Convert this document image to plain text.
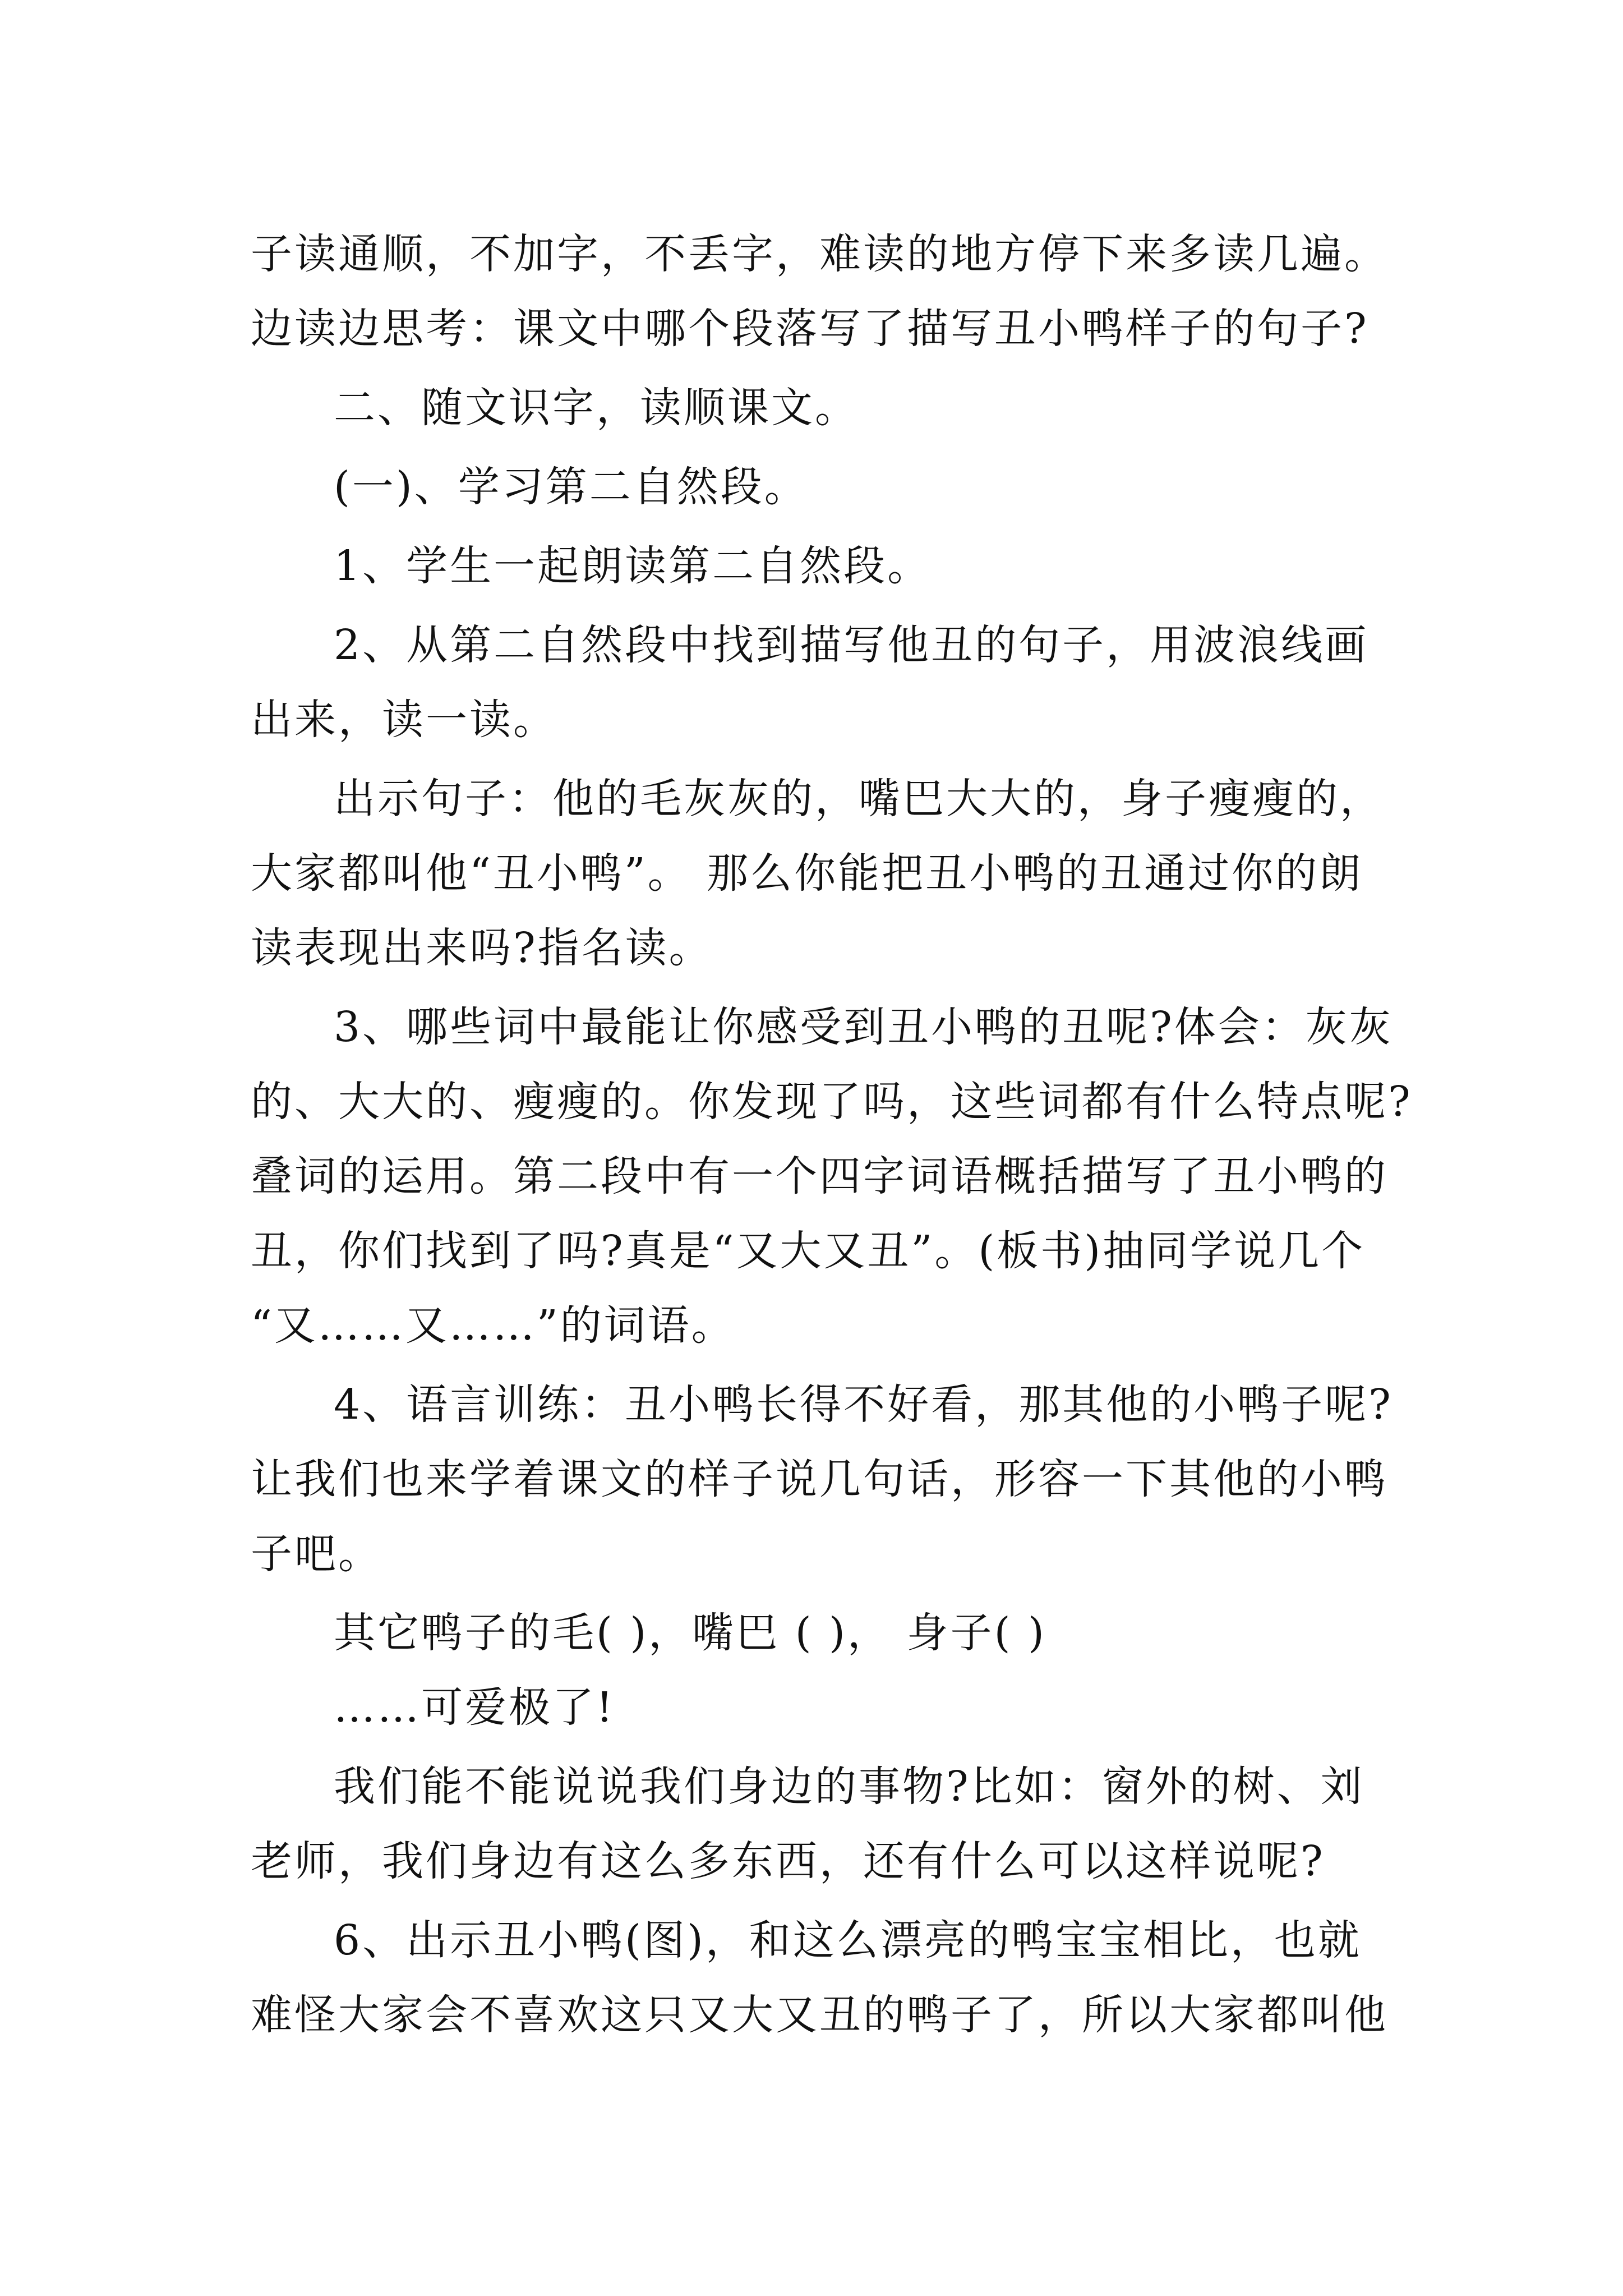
子读通顺，不加字，不丢字，难读的地方停下来多读几遍。
边读边思考：课文中哪个段落写了描写丑小鸭样子的句子?
二、随文识字，读顺课文。
(一)、学习第二自然段。
1、学生一起朗读第二自然段。
2、从第二自然段中找到描写他丑的句子，用波浪线画
出来，读一读。
出示句子：他的毛灰灰的，嘴巴大大的，身子瘦瘦的，
大家都叫他“丑小鸭”。 那么你能把丑小鸭的丑通过你的朗
读表现出来吗?指名读。
3、哪些词中最能让你感受到丑小鸭的丑呢?体会：灰灰
的、大大的、瘦瘦的。你发现了吗，这些词都有什么特点呢?
叠词的运用。第二段中有一个四字词语概括描写了丑小鸭的
丑，你们找到了吗?真是“又大又丑”。(板书)抽同学说几个
“又……又……”的词语。
4、语言训练：丑小鸭长得不好看，那其他的小鸭子呢?
让我们也来学着课文的样子说几句话，形容一下其他的小鸭
子吧。
其它鸭子的毛( )，嘴巴 ( )， 身子( )
……可爱极了!
我们能不能说说我们身边的事物?比如：窗外的树、刘
老师，我们身边有这么多东西，还有什么可以这样说呢?
6、出示丑小鸭(图)，和这么漂亮的鸭宝宝相比，也就
难怪大家会不喜欢这只又大又丑的鸭子了，所以大家都叫他
